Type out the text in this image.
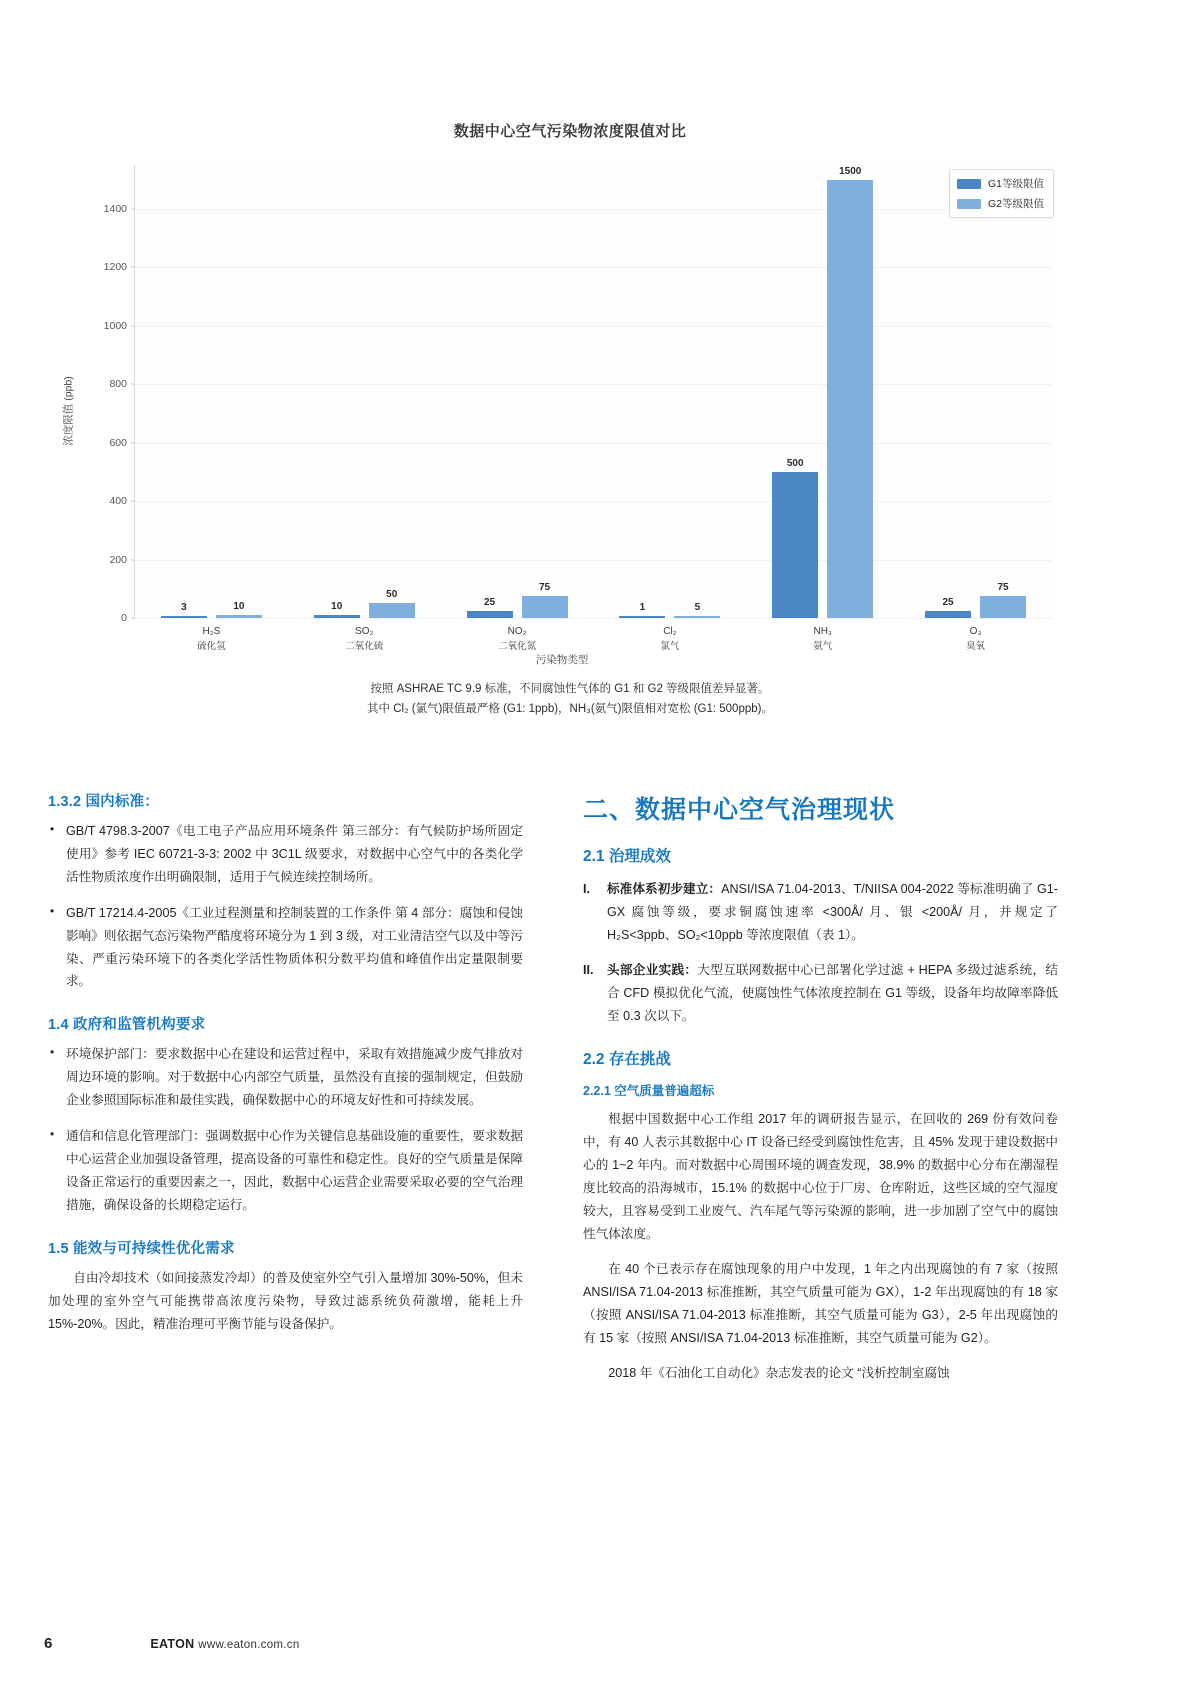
数据中心空气污染物浓度限值对比
浓度限值 (ppb)
0
200
400
600
800
1000
1200
1400
3	10
H₂S
硫化氢
10
50
SO₂
二氧化硫
25
75
NO₂
二氧化氮
1	5
Cl₂
氯气
500
1500
NH₃
氨气
25
75
O₃
臭氧
污染物类型
G1等级限值
G2等级限值
按照 ASHRAE TC 9.9 标准，不同腐蚀性气体的 G1 和 G2 等级限值差异显著。
其中 Cl₂ (氯气)限值最严格 (G1: 1ppb)，NH₃(氨气)限值相对宽松 (G1: 500ppb)。
1.3.2 国内标准：
• GB/T 4798.3-2007《电工电子产品应用环境条件 第三部分：有气候防护场所固定使用》参考 IEC 60721-3-3: 2002 中 3C1L 级要求，对数据中心空气中的各类化学活性物质浓度作出明确限制，适用于气候连续控制场所。
• GB/T 17214.4-2005《工业过程测量和控制装置的工作条件 第 4 部分：腐蚀和侵蚀影响》则依据气态污染物严酷度将环境分为 1 到 3 级，对工业清洁空气以及中等污染、严重污染环境下的各类化学活性物质体积分数平均值和峰值作出定量限制要求。
1.4 政府和监管机构要求
• 环境保护部门：要求数据中心在建设和运营过程中，采取有效措施减少废气排放对周边环境的影响。对于数据中心内部空气质量，虽然没有直接的强制规定，但鼓励企业参照国际标准和最佳实践，确保数据中心的环境友好性和可持续发展。
• 通信和信息化管理部门：强调数据中心作为关键信息基础设施的重要性，要求数据中心运营企业加强设备管理，提高设备的可靠性和稳定性。良好的空气质量是保障设备正常运行的重要因素之一，因此，数据中心运营企业需要采取必要的空气治理措施，确保设备的长期稳定运行。
1.5 能效与可持续性优化需求

自由冷却技术（如间接蒸发冷却）的普及使室外空气引入量增加 30%-50%，但未加处理的室外空气可能携带高浓度污染物，导致过滤系统负荷激增，能耗上升 15%-20%。因此，精准治理可平衡节能与设备保护。

二、数据中心空气治理现状
2.1 治理成效
I. 标准体系初步建立：ANSI/ISA 71.04-2013、T/NIISA 004-2022 等标准明确了 G1-GX 腐蚀等级，要求铜腐蚀速率 <300Å/ 月、银 <200Å/ 月，并规定了 H₂S<3ppb、SO₂<10ppb 等浓度限值（表 1）。
II. 头部企业实践：大型互联网数据中心已部署化学过滤 + HEPA 多级过滤系统，结合 CFD 模拟优化气流，使腐蚀性气体浓度控制在 G1 等级，设备年均故障率降低至 0.3 次以下。
2.2 存在挑战
2.2.1 空气质量普遍超标

根据中国数据中心工作组 2017 年的调研报告显示，在回收的 269 份有效问卷中，有 40 人表示其数据中心 IT 设备已经受到腐蚀性危害，且 45% 发现于建设数据中心的 1~2 年内。而对数据中心周围环境的调查发现，38.9% 的数据中心分布在潮湿程度比较高的沿海城市，15.1% 的数据中心位于厂房、仓库附近，这些区域的空气湿度较大，且容易受到工业废气、汽车尾气等污染源的影响，进一步加剧了空气中的腐蚀性气体浓度。

在 40 个已表示存在腐蚀现象的用户中发现，1 年之内出现腐蚀的有 7 家（按照 ANSI/ISA 71.04-2013 标准推断，其空气质量可能为 GX），1-2 年出现腐蚀的有 18 家（按照 ANSI/ISA 71.04-2013 标准推断，其空气质量可能为 G3），2-5 年出现腐蚀的有 15 家（按照 ANSI/ISA 71.04-2013 标准推断，其空气质量可能为 G2）。

2018 年《石油化工自动化》杂志发表的论文 “浅析控制室腐蚀

6	EATON www.eaton.com.cn
